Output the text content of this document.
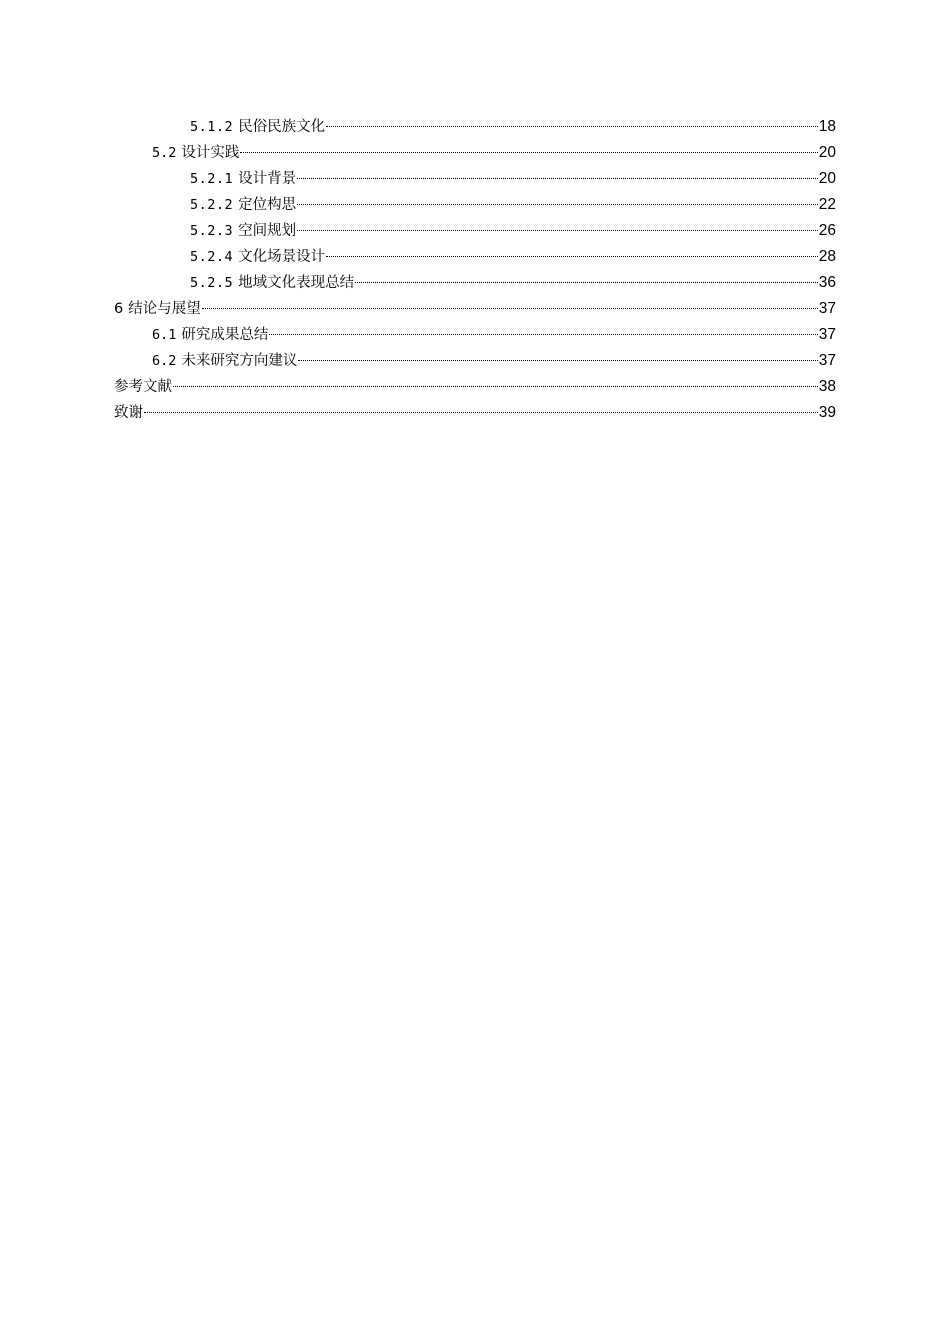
5.1.2 民俗民族文化	18
5.2 设计实践	20
5.2.1 设计背景	20
5.2.2 定位构思	22
5.2.3 空间规划	26
5.2.4 文化场景设计	28
5.2.5 地域文化表现总结	36
6 结论与展望	37
6.1 研究成果总结	37
6.2 未来研究方向建议	37
参考文献	38
致谢	39
